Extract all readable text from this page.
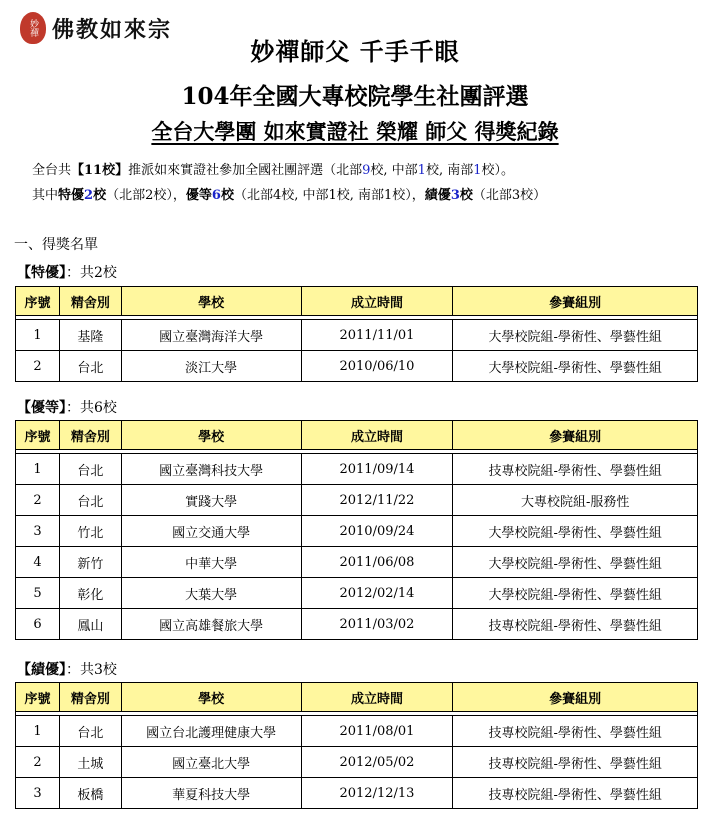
妙禪 佛教如來宗
妙禪師父 千手千眼
104年全國大專校院學生社團評選
全台大學團 如來實證社 榮耀 師父 得獎紀錄
全台共【11校】推派如來實證社參加全國社團評選（北部9校, 中部1校, 南部1校）。
其中特優2校（北部2校），優等6校（北部4校, 中部1校, 南部1校），績優3校（北部3校）
一、得獎名單
【特優】：共2校
序號	精舍別	學校	成立時間	參賽組別

1	基隆	國立臺灣海洋大學	2011/11/01	大學校院組-學術性、學藝性組
2	台北	淡江大學	2010/06/10	大學校院組-學術性、學藝性組
【優等】：共6校
序號	精舍別	學校	成立時間	參賽組別

1	台北	國立臺灣科技大學	2011/09/14	技專校院組-學術性、學藝性組
2	台北	實踐大學	2012/11/22	大專校院組-服務性
3	竹北	國立交通大學	2010/09/24	大學校院組-學術性、學藝性組
4	新竹	中華大學	2011/06/08	大學校院組-學術性、學藝性組
5	彰化	大葉大學	2012/02/14	大學校院組-學術性、學藝性組
6	鳳山	國立高雄餐旅大學	2011/03/02	技專校院組-學術性、學藝性組
【績優】：共3校
序號	精舍別	學校	成立時間	參賽組別

1	台北	國立台北護理健康大學	2011/08/01	技專校院組-學術性、學藝性組
2	土城	國立臺北大學	2012/05/02	技專校院組-學術性、學藝性組
3	板橋	華夏科技大學	2012/12/13	技專校院組-學術性、學藝性組
